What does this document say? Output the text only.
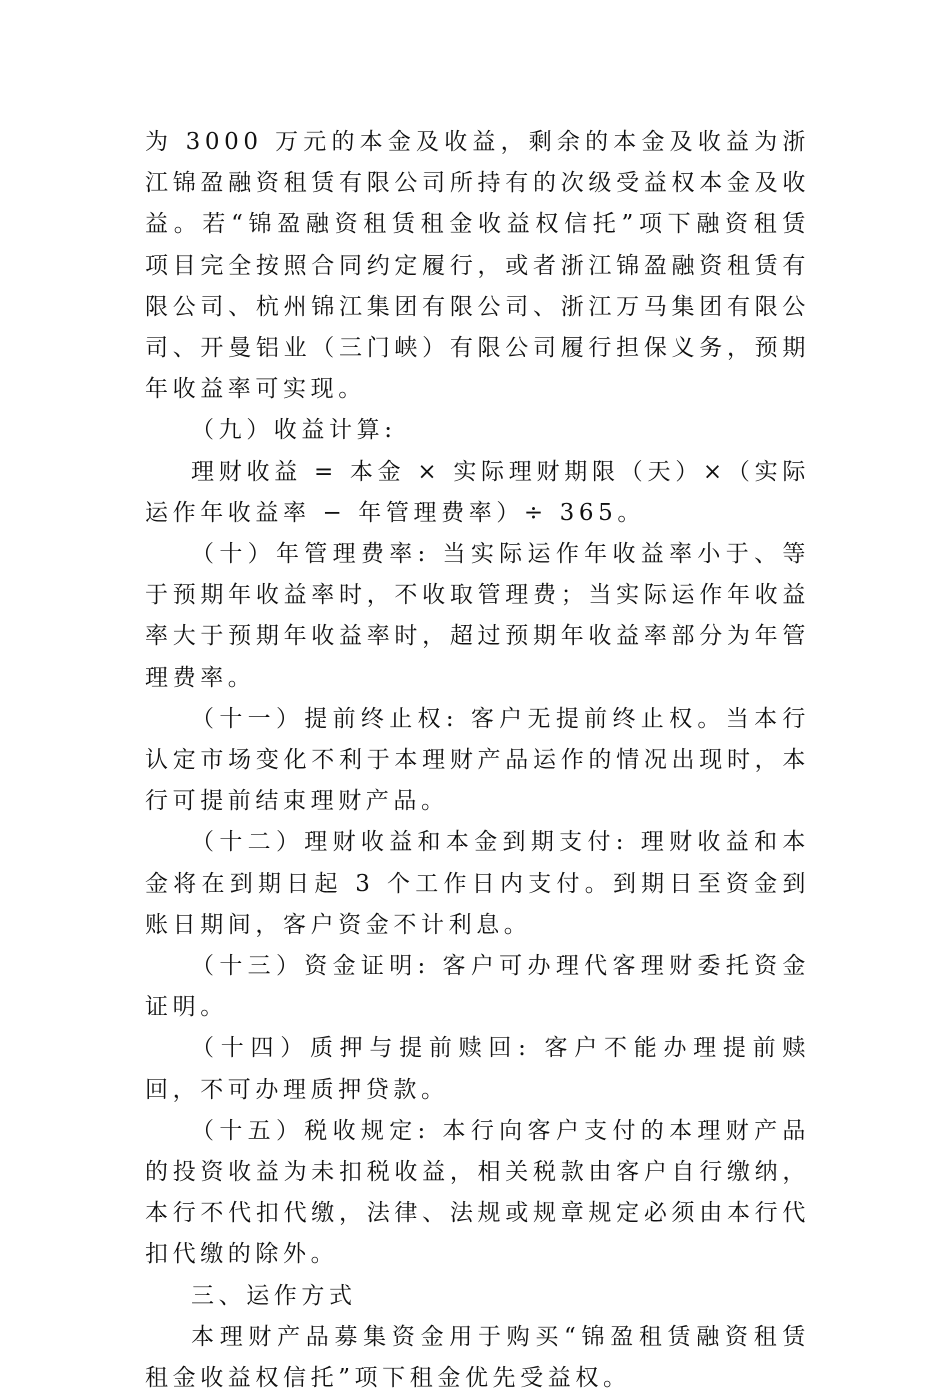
为 3000 万元的本金及收益，剩余的本金及收益为浙江锦盈融资租赁有限公司所持有的次级受益权本金及收益。若“锦盈融资租赁租金收益权信托”项下融资租赁项目完全按照合同约定履行，或者浙江锦盈融资租赁有限公司、杭州锦江集团有限公司、浙江万马集团有限公司、开曼铝业（三门峡）有限公司履行担保义务，预期年收益率可实现。

（九）收益计算:

理财收益 = 本金 × 实际理财期限（天）×（实际运作年收益率 − 年管理费率）÷ 365。

（十）年管理费率: 当实际运作年收益率小于、等于预期年收益率时，不收取管理费；当实际运作年收益率大于预期年收益率时，超过预期年收益率部分为年管理费率。

（十一）提前终止权: 客户无提前终止权。当本行认定市场变化不利于本理财产品运作的情况出现时，本行可提前结束理财产品。

（十二）理财收益和本金到期支付: 理财收益和本金将在到期日起 3 个工作日内支付。到期日至资金到账日期间，客户资金不计利息。

（十三）资金证明: 客户可办理代客理财委托资金证明。

（十四）质押与提前赎回: 客户不能办理提前赎回，不可办理质押贷款。

（十五）税收规定: 本行向客户支付的本理财产品的投资收益为未扣税收益，相关税款由客户自行缴纳，本行不代扣代缴，法律、法规或规章规定必须由本行代扣代缴的除外。

三、运作方式

本理财产品募集资金用于购买“锦盈租赁融资租赁租金收益权信托”项下租金优先受益权。
